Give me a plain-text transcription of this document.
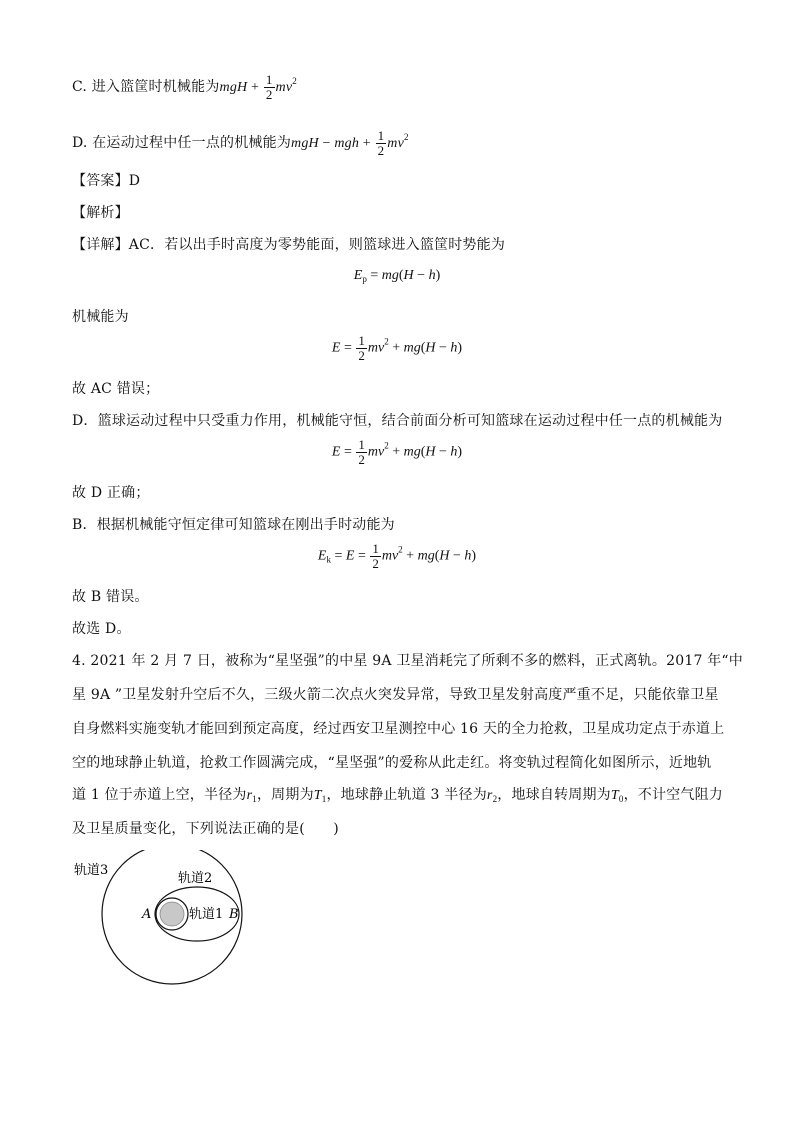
C. 进入篮筐时机械能为mgH + $\frac{1}{2} mv^2$
D. 在运动过程中任一点的机械能为mgH − mgh + $\frac{1}{2} mv^2$
【答案】D
【解析】
【详解】AC．若以出手时高度为零势能面，则篮球进入篮筐时势能为
$E_p = mg(H - h)$
机械能为
$E = \frac{1}{2} mv^2 + mg(H - h)$
故 AC 错误；
D．篮球运动过程中只受重力作用，机械能守恒，结合前面分析可知篮球在运动过程中任一点的机械能为
$E = \frac{1}{2} mv^2 + mg(H - h)$
故 D 正确；
B．根据机械能守恒定律可知篮球在刚出手时动能为
$E_k = E = \frac{1}{2} mv^2 + mg(H - h)$
故 B 错误。
故选 D。
4. 2021 年 2 月 7 日，被称为“星坚强”的中星 9A 卫星消耗完了所剩不多的燃料，正式离轨。2017 年“中
星 9A ”卫星发射升空后不久，三级火箭二次点火突发异常，导致卫星发射高度严重不足，只能依靠卫星
自身燃料实施变轨才能回到预定高度，经过西安卫星测控中心 16 天的全力抢救，卫星成功定点于赤道上
空的地球静止轨道，抢救工作圆满完成，“星坚强”的爱称从此走红。将变轨过程简化如图所示，近地轨
道 1 位于赤道上空，半径为$r_1$，周期为$T_1$，地球静止轨道 3 半径为$r_2$，地球自转周期为$T_0$，不计空气阻力
及卫星质量变化，下列说法正确的是(　　)
轨道3
轨道2
轨道1
A	B
